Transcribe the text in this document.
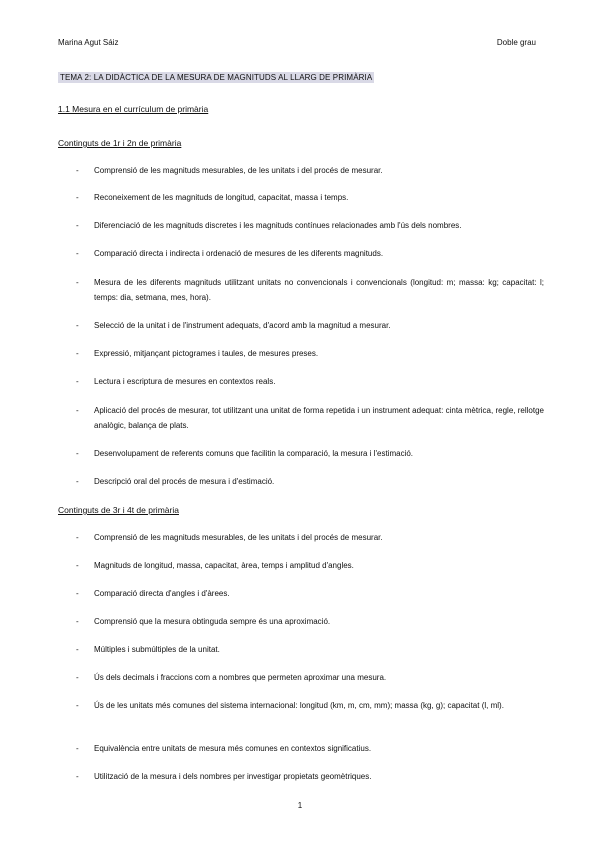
Marina Agut Sáiz	Doble grau
TEMA 2: LA DIDÀCTICA DE LA MESURA DE MAGNITUDS AL LLARG DE PRIMÀRIA
1.1 Mesura en el currículum de primària
Continguts de 1r i 2n de primària
- Comprensió de les magnituds mesurables, de les unitats i del procés de mesurar.
- Reconeixement de les magnituds de longitud, capacitat, massa i temps.
- Diferenciació de les magnituds discretes i les magnituds contínues relacionades amb l'ús dels nombres.
- Comparació directa i indirecta i ordenació de mesures de les diferents magnituds.
- Mesura de les diferents magnituds utilitzant unitats no convencionals i convencionals (longitud: m; massa: kg; capacitat: l; temps: dia, setmana, mes, hora).
- Selecció de la unitat i de l'instrument adequats, d'acord amb la magnitud a mesurar.
- Expressió, mitjançant pictogrames i taules, de mesures preses.
- Lectura i escriptura de mesures en contextos reals.
- Aplicació del procés de mesurar, tot utilitzant una unitat de forma repetida i un instrument adequat: cinta mètrica, regle, rellotge analògic, balança de plats.
- Desenvolupament de referents comuns que facilitin la comparació, la mesura i l'estimació.
- Descripció oral del procés de mesura i d'estimació.
Continguts de 3r i 4t de primària
- Comprensió de les magnituds mesurables, de les unitats i del procés de mesurar.
- Magnituds de longitud, massa, capacitat, àrea, temps i amplitud d'angles.
- Comparació directa d'angles i d'àrees.
- Comprensió que la mesura obtinguda sempre és una aproximació.
- Múltiples i submúltiples de la unitat.
- Ús dels decimals i fraccions com a nombres que permeten aproximar una mesura.
- Ús de les unitats més comunes del sistema internacional: longitud (km, m, cm, mm); massa (kg, g); capacitat (l, ml).
- Equivalència entre unitats de mesura més comunes en contextos significatius.
- Utilització de la mesura i dels nombres per investigar propietats geomètriques.
1
